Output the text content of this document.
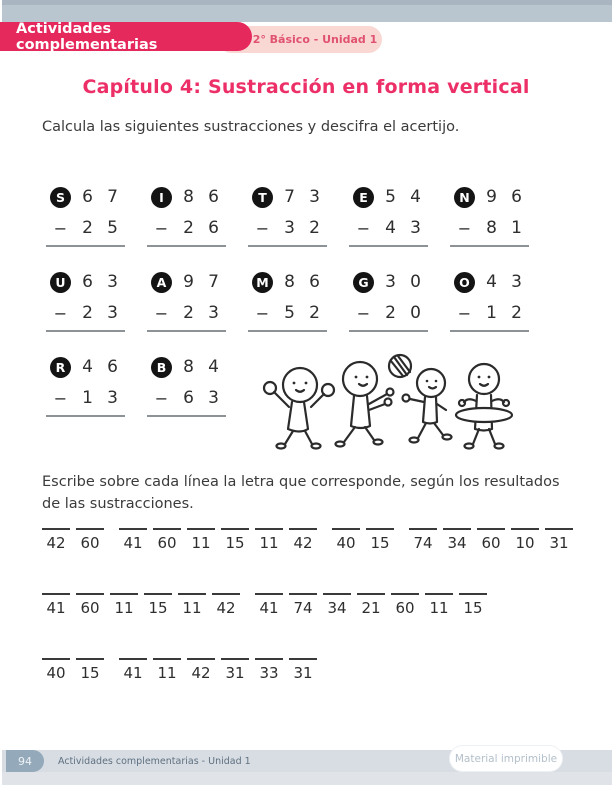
2° Básico - Unidad 1
Actividades complementarias
Capítulo 4: Sustracción en forma vertical
Calcula las siguientes sustracciones y descifra el acertijo.
S	6 7
− 2 5
I	8 6
− 2 6
T	7 3
− 3 2
E	5 4
− 4 3
N 9 6
− 8 1
U 6 3
− 2 3
A 9 7
− 2 3
M 8 6
− 5 2
G 3 0
− 2 0
O 4 3
− 1 2
R 4 6
− 1 3
B 8 4
− 6 3
Escribe sobre cada línea la letra que corresponde, según los resultados
de las sustracciones.
42 60 41 60 11 15 11 42 40 15 74 34 60 10 31
41 60 11 15 11 42 41 74 34 21 60 11 15
40 15 41 11 42 31 33 31
94	Actividades complementarias - Unidad 1	Material imprimible
